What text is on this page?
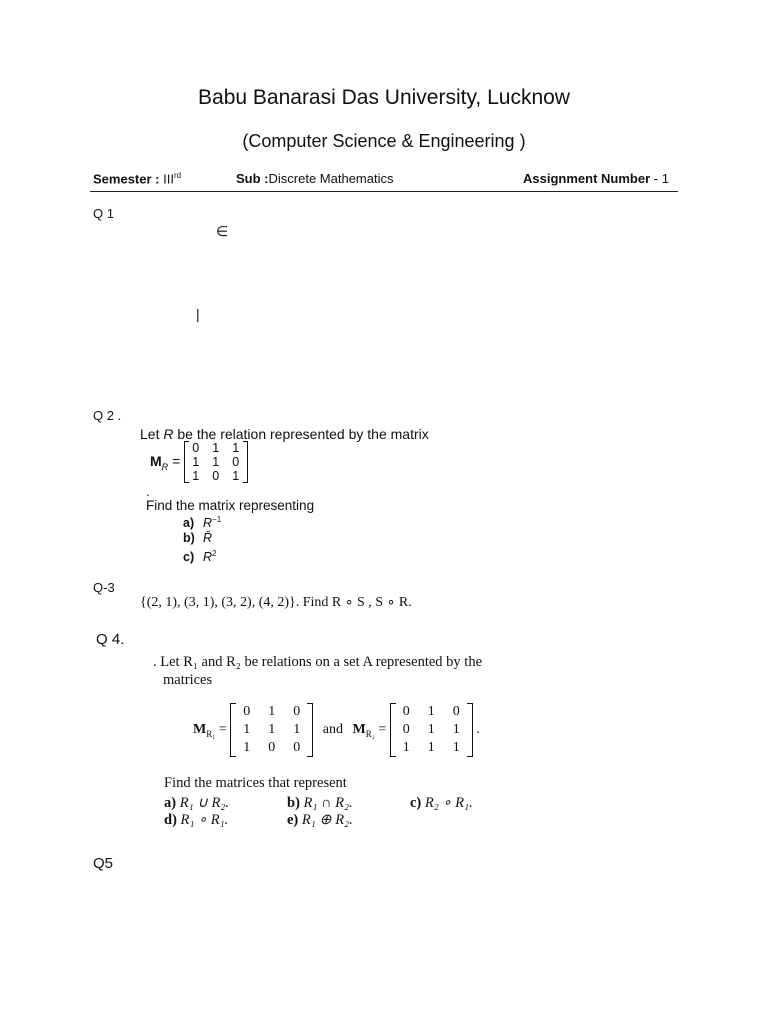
Babu Banarasi Das University, Lucknow
(Computer Science & Engineering )
Semester : IIIrd	Sub :Discrete Mathematics	Assignment Number - 1
Q 1
∈
|
Q 2 .
Let R be the relation represented by the matrix
$M_R$ =
0	1	1
1	1	0
1	0	1
.
Find the matrix representing
a) $R^{-1}$
b) R̄
c) $R^2$
Q-3
{(2, 1), (3, 1), (3, 2), (4, 2)}. Find R ∘ S , S ∘ R.
Q 4.
. Let R₁ and R₂ be relations on a set A represented by the
matrices
$M_{R_1}$ =
0	1	0
1	1	1
1	0	0
and $M_{R_2}$ =
0	1	0
0	1	1
1	1	1
.
Find the matrices that represent
a) R₁ ∪ R₂.	b) R₁ ∩ R₂.	c) R₂ ∘ R₁.
d) R₁ ∘ R₁.	e) R₁ ⊕ R₂.
Q5
